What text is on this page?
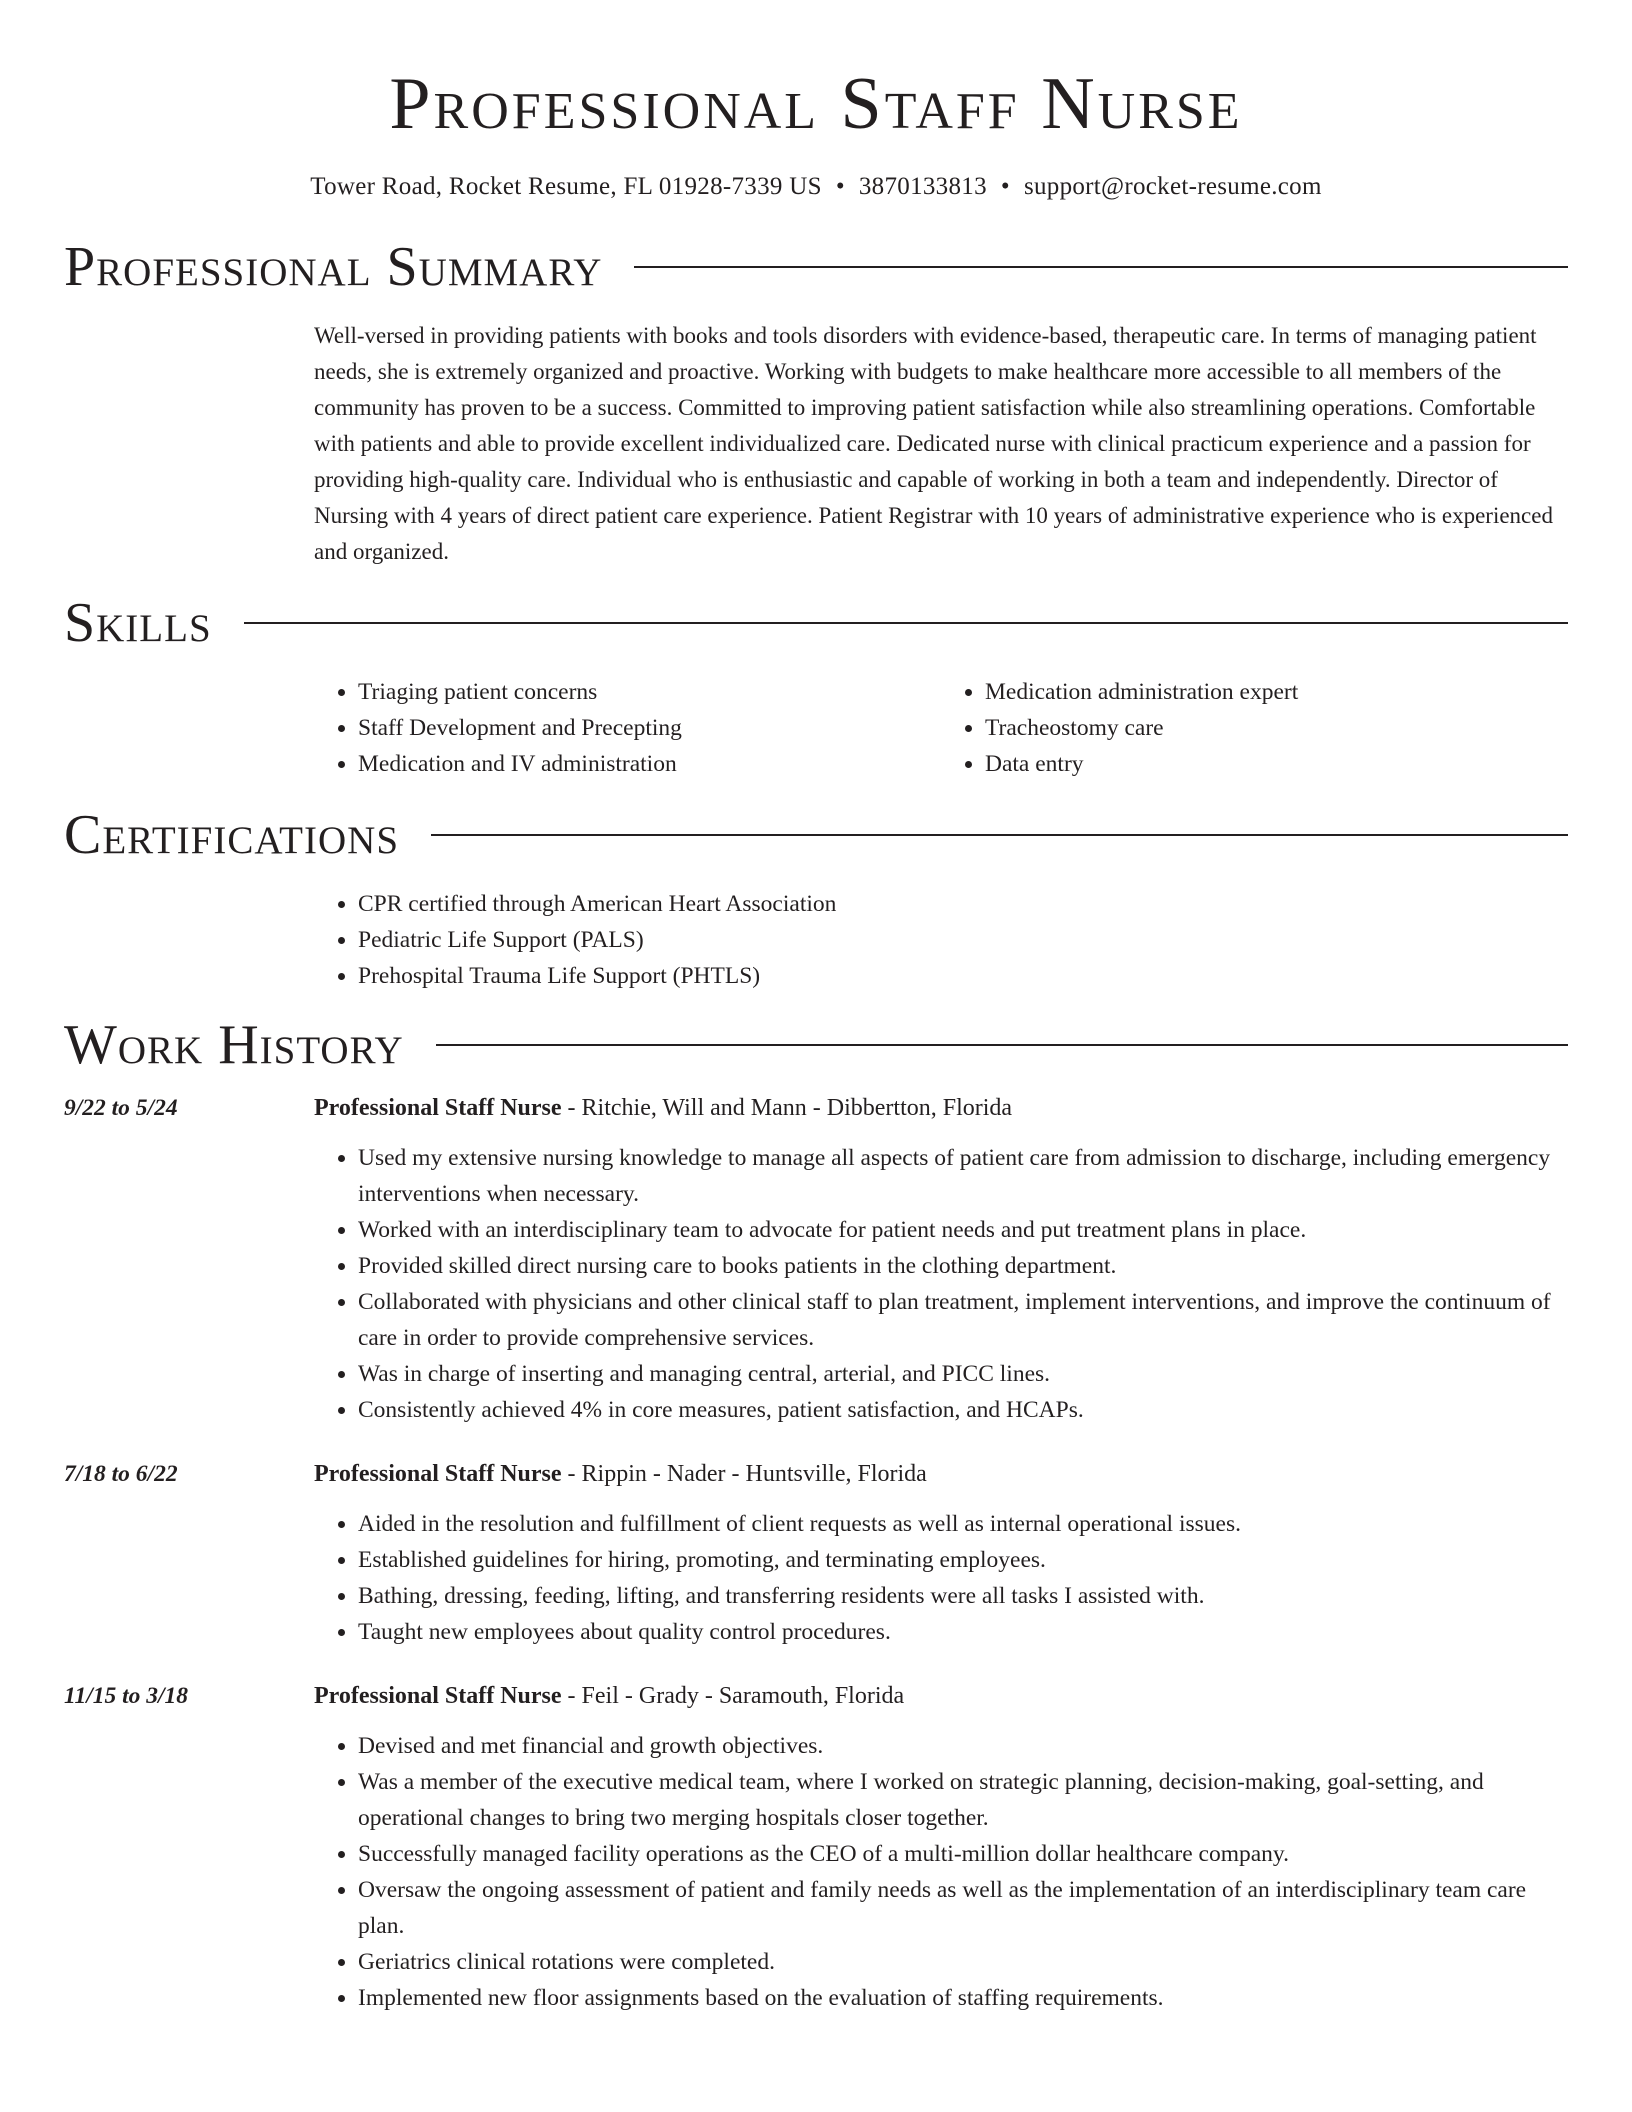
Professional Staff Nurse
Tower Road, Rocket Resume, FL 01928-7339 US • 3870133813 • support@rocket-resume.com
Professional Summary
Well-versed in providing patients with books and tools disorders with evidence-based, therapeutic care. In terms of managing patient needs, she is extremely organized and proactive. Working with budgets to make healthcare more accessible to all members of the community has proven to be a success. Committed to improving patient satisfaction while also streamlining operations. Comfortable with patients and able to provide excellent individualized care. Dedicated nurse with clinical practicum experience and a passion for providing high-quality care. Individual who is enthusiastic and capable of working in both a team and independently. Director of Nursing with 4 years of direct patient care experience. Patient Registrar with 10 years of administrative experience who is experienced and organized.
Skills
• Triaging patient concerns
• Staff Development and Precepting
• Medication and IV administration
• Medication administration expert
• Tracheostomy care
• Data entry
Certifications
• CPR certified through American Heart Association
• Pediatric Life Support (PALS)
• Prehospital Trauma Life Support (PHTLS)
Work History
9/22 to 5/24	Professional Staff Nurse - Ritchie, Will and Mann - Dibbertton, Florida
• Used my extensive nursing knowledge to manage all aspects of patient care from admission to discharge, including emergency interventions when necessary.
• Worked with an interdisciplinary team to advocate for patient needs and put treatment plans in place.
• Provided skilled direct nursing care to books patients in the clothing department.
• Collaborated with physicians and other clinical staff to plan treatment, implement interventions, and improve the continuum of care in order to provide comprehensive services.
• Was in charge of inserting and managing central, arterial, and PICC lines.
• Consistently achieved 4% in core measures, patient satisfaction, and HCAPs.
7/18 to 6/22	Professional Staff Nurse - Rippin - Nader - Huntsville, Florida
• Aided in the resolution and fulfillment of client requests as well as internal operational issues.
• Established guidelines for hiring, promoting, and terminating employees.
• Bathing, dressing, feeding, lifting, and transferring residents were all tasks I assisted with.
• Taught new employees about quality control procedures.
11/15 to 3/18	Professional Staff Nurse - Feil - Grady - Saramouth, Florida
• Devised and met financial and growth objectives.
• Was a member of the executive medical team, where I worked on strategic planning, decision-making, goal-setting, and operational changes to bring two merging hospitals closer together.
• Successfully managed facility operations as the CEO of a multi-million dollar healthcare company.
• Oversaw the ongoing assessment of patient and family needs as well as the implementation of an interdisciplinary team care plan.
• Geriatrics clinical rotations were completed.
• Implemented new floor assignments based on the evaluation of staffing requirements.
